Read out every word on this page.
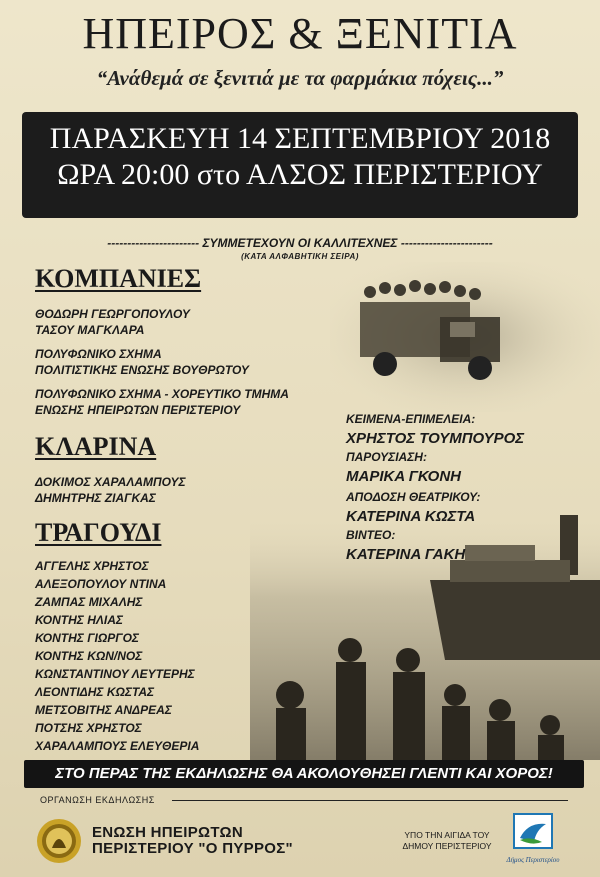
ΗΠΕΙΡΟΣ & ΞΕΝΙΤΙΑ
“Ανάθεμά σε ξενιτιά με τα φαρμάκια πόχεις...”
ΠΑΡΑΣΚΕΥΗ 14 ΣΕΠΤΕΜΒΡΙΟΥ 2018
ΩΡΑ 20:00 στο ΑΛΣΟΣ ΠΕΡΙΣΤΕΡΙΟΥ
----------------------- ΣΥΜΜΕΤΕΧΟΥΝ ΟΙ ΚΑΛΛΙΤΕΧΝΕΣ -----------------------
(ΚΑΤΑ ΑΛΦΑΒΗΤΙΚΗ ΣΕΙΡΑ)
ΚΟΜΠΑΝΙΕΣ
ΘΟΔΩΡΗ ΓΕΩΡΓΟΠΟΥΛΟΥ
ΤΑΣΟΥ ΜΑΓΚΛΑΡΑ
ΠΟΛΥΦΩΝΙΚΟ ΣΧΗΜΑ
ΠΟΛΙΤΙΣΤΙΚΗΣ ΕΝΩΣΗΣ ΒΟΥΘΡΩΤΟΥ
ΠΟΛΥΦΩΝΙΚΟ ΣΧΗΜΑ - ΧΟΡΕΥΤΙΚΟ ΤΜΗΜΑ
ΕΝΩΣΗΣ ΗΠΕΙΡΩΤΩΝ ΠΕΡΙΣΤΕΡΙΟΥ
ΚΛΑΡΙΝΑ
ΔΟΚΙΜΟΣ ΧΑΡΑΛΑΜΠΟΥΣ
ΔΗΜΗΤΡΗΣ ΖΙΑΓΚΑΣ
ΤΡΑΓΟΥΔΙ
ΑΓΓΕΛΗΣ ΧΡΗΣΤΟΣ
ΑΛΕΞΟΠΟΥΛΟΥ ΝΤΙΝΑ
ΖΑΜΠΑΣ ΜΙΧΑΛΗΣ
ΚΟΝΤΗΣ ΗΛΙΑΣ
ΚΟΝΤΗΣ ΓΙΩΡΓΟΣ
ΚΟΝΤΗΣ ΚΩΝ/ΝΟΣ
ΚΩΝΣΤΑΝΤΙΝΟΥ ΛΕΥΤΕΡΗΣ
ΛΕΟΝΤΙΔΗΣ ΚΩΣΤΑΣ
ΜΕΤΣΟΒΙΤΗΣ ΑΝΔΡΕΑΣ
ΠΟΤΣΗΣ ΧΡΗΣΤΟΣ
ΧΑΡΑΛΑΜΠΟΥΣ ΕΛΕΥΘΕΡΙΑ
ΚΕΙΜΕΝΑ-ΕΠΙΜΕΛΕΙΑ:
ΧΡΗΣΤΟΣ ΤΟΥΜΠΟΥΡΟΣ
ΠΑΡΟΥΣΙΑΣΗ:
ΜΑΡΙΚΑ ΓΚΟΝΗ
ΑΠΟΔΟΣΗ ΘΕΑΤΡΙΚΟΥ:
ΚΑΤΕΡΙΝΑ ΚΩΣΤΑ
ΒΙΝΤΕΟ:
ΚΑΤΕΡΙΝΑ ΓΑΚΗ
ΣΤΟ ΠΕΡΑΣ ΤΗΣ ΕΚΔΗΛΩΣΗΣ ΘΑ ΑΚΟΛΟΥΘΗΣΕΙ ΓΛΕΝΤΙ ΚΑΙ ΧΟΡΟΣ!
ΟΡΓΑΝΩΣΗ ΕΚΔΗΛΩΣΗΣ
ΕΝΩΣΗ ΗΠΕΙΡΩΤΩΝ
ΠΕΡΙΣΤΕΡΙΟΥ "Ο ΠΥΡΡΟΣ"
ΥΠΟ ΤΗΝ ΑΙΓΙΔΑ ΤΟΥ
ΔΗΜΟΥ ΠΕΡΙΣΤΕΡΙΟΥ
Δήμος Περιστερίου
